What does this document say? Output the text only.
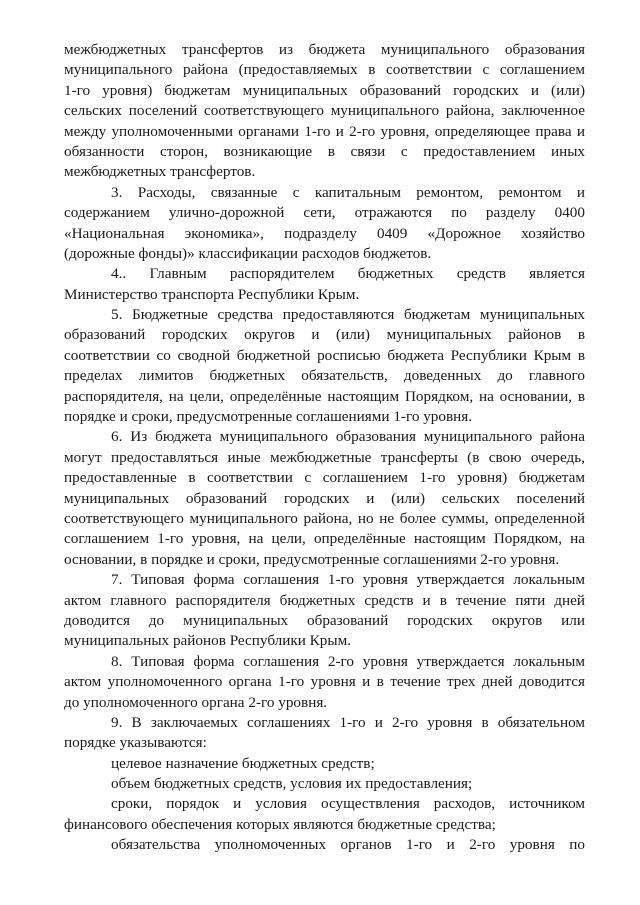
межбюджетных трансфертов из бюджета муниципального образования
муниципального района (предоставляемых в соответствии с соглашением
1-го уровня) бюджетам муниципальных образований городских и (или)
сельских поселений соответствующего муниципального района, заключенное
между уполномоченными органами 1-го и 2-го уровня, определяющее права и
обязанности сторон, возникающие в связи с предоставлением иных
межбюджетных трансфертов.
3. Расходы, связанные с капитальным ремонтом, ремонтом и
содержанием улично-дорожной сети, отражаются по разделу 0400
«Национальная экономика», подразделу 0409 «Дорожное хозяйство
(дорожные фонды)» классификации расходов бюджетов.
4.. Главным распорядителем бюджетных средств является
Министерство транспорта Республики Крым.
5. Бюджетные средства предоставляются бюджетам муниципальных
образований городских округов и (или) муниципальных районов в
соответствии со сводной бюджетной росписью бюджета Республики Крым в
пределах лимитов бюджетных обязательств, доведенных до главного
распорядителя, на цели, определённые настоящим Порядком, на основании, в
порядке и сроки, предусмотренные соглашениями 1-го уровня.
6. Из бюджета муниципального образования муниципального района
могут предоставляться иные межбюджетные трансферты (в свою очередь,
предоставленные в соответствии с соглашением 1-го уровня) бюджетам
муниципальных образований городских и (или) сельских поселений
соответствующего муниципального района, но не более суммы, определенной
соглашением 1-го уровня, на цели, определённые настоящим Порядком, на
основании, в порядке и сроки, предусмотренные соглашениями 2-го уровня.
7. Типовая форма соглашения 1-го уровня утверждается локальным
актом главного распорядителя бюджетных средств и в течение пяти дней
доводится до муниципальных образований городских округов или
муниципальных районов Республики Крым.
8. Типовая форма соглашения 2-го уровня утверждается локальным
актом уполномоченного органа 1-го уровня и в течение трех дней доводится
до уполномоченного органа 2-го уровня.
9. В заключаемых соглашениях 1-го и 2-го уровня в обязательном
порядке указываются:
целевое назначение бюджетных средств;
объем бюджетных средств, условия их предоставления;
сроки, порядок и условия осуществления расходов, источником
финансового обеспечения которых являются бюджетные средства;
обязательства уполномоченных органов 1-го и 2-го уровня по
